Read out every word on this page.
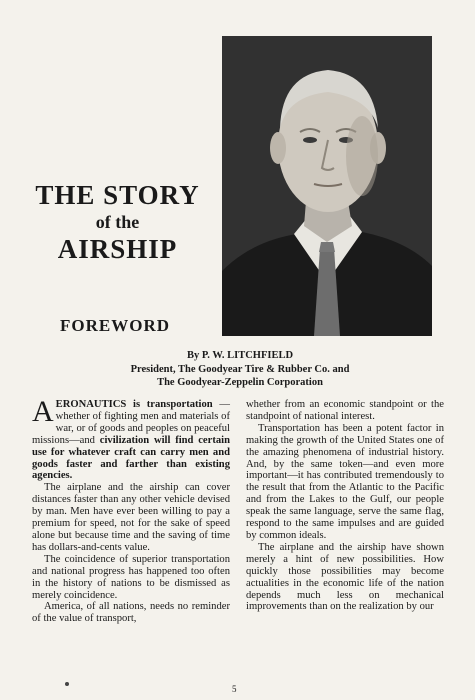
THE STORY
of the
AIRSHIP
FOREWORD
By P. W. LITCHFIELD
President, The Goodyear Tire & Rubber Co. and
The Goodyear-Zeppelin Corporation

AERONAUTICS is transportation —whether of fighting men and materials of war, or of goods and peoples on peaceful missions—and civilization will find certain use for whatever craft can carry men and goods faster and farther than existing agencies.

The airplane and the airship can cover distances faster than any other vehicle devised by man. Men have ever been willing to pay a premium for speed, not for the sake of speed alone but because time and the saving of time has dollars-and-cents value.

The coincidence of superior transportation and national progress has happened too often in the history of nations to be dismissed as merely coincidence.

America, of all nations, needs no reminder of the value of transport,

whether from an economic standpoint or the standpoint of national interest.

Transportation has been a potent factor in making the growth of the United States one of the amazing phenomena of industrial history. And, by the same token—and even more important—it has contributed tremendously to the result that from the Atlantic to the Pacific and from the Lakes to the Gulf, our people speak the same language, serve the same flag, respond to the same impulses and are guided by common ideals.

The airplane and the airship have shown merely a hint of new possibilities. How quickly those possibilities may become actualities in the economic life of the nation depends much less on mechanical improvements than on the realization by our

5
